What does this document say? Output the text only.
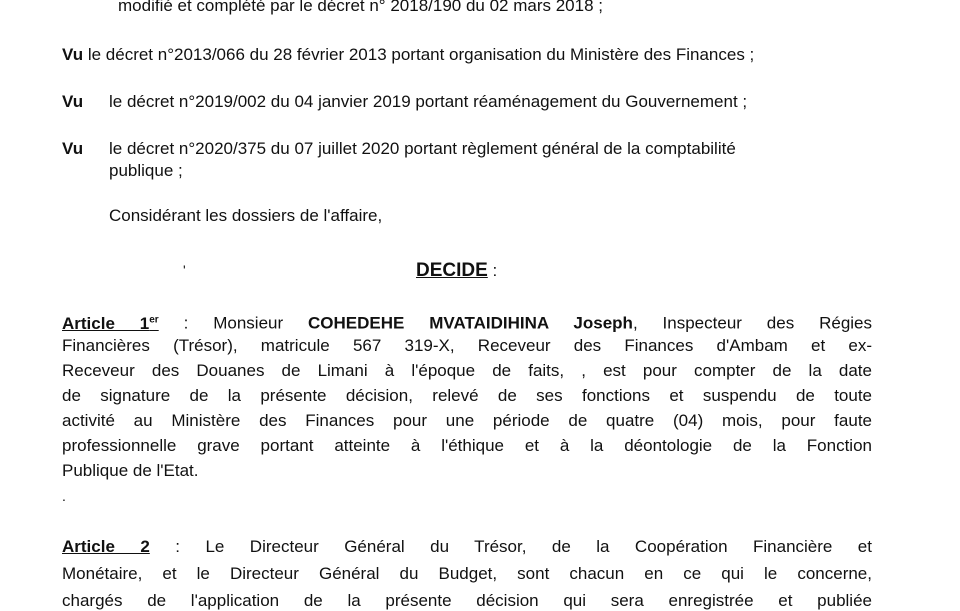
modifié et complété par le décret n° 2018/190 du 02 mars 2018 ;
Vu le décret n°2013/066 du 28 février 2013 portant organisation du Ministère des Finances ;
Vu le décret n°2019/002 du 04 janvier 2019 portant réaménagement du Gouvernement ;
Vu le décret n°2020/375 du 07 juillet 2020 portant règlement général de la comptabilité
publique ;
Considérant les dossiers de l'affaire,
'	DECIDE :
Article 1er : Monsieur COHEDEHE MVATAIDIHINA Joseph, Inspecteur des Régies
Financières (Trésor), matricule 567 319-X, Receveur des Finances d'Ambam et ex-
Receveur des Douanes de Limani à l'époque de faits, , est pour compter de la date
de signature de la présente décision, relevé de ses fonctions et suspendu de toute
activité au Ministère des Finances pour une période de quatre (04) mois, pour faute
professionnelle grave portant atteinte à l'éthique et à la déontologie de la Fonction
Publique de l'Etat.
.
Article 2 : Le Directeur Général du Trésor, de la Coopération Financière et
Monétaire, et le Directeur Général du Budget, sont chacun en ce qui le concerne,
chargés de l'application de la présente décision qui sera enregistrée et publiée
